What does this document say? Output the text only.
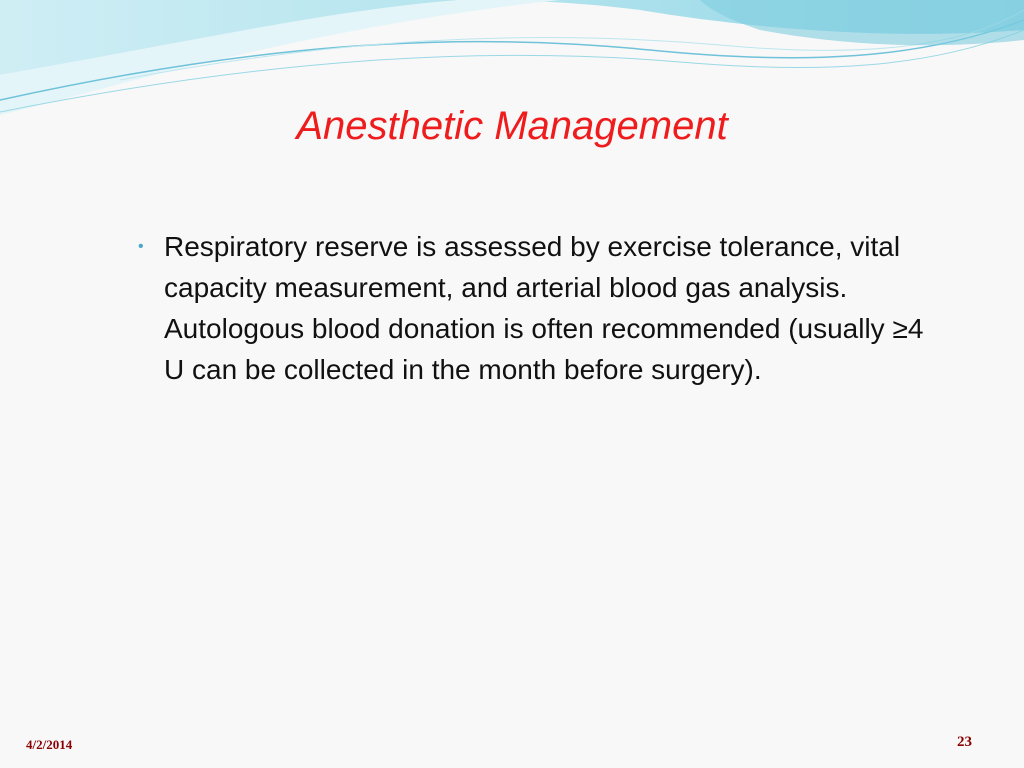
Anesthetic Management
• Respiratory reserve is assessed by exercise tolerance, vital capacity measurement, and arterial blood gas analysis. Autologous blood donation is often recommended (usually ≥4 U can be collected in the month before surgery).
4/2/2014	23
